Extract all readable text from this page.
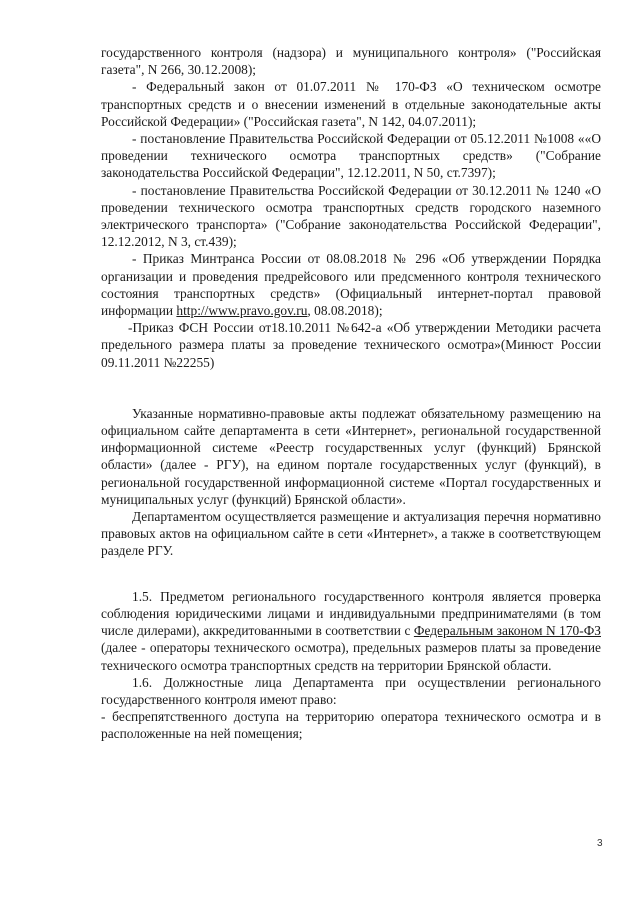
государственного контроля (надзора) и муниципального контроля» ("Российская газета", N 266, 30.12.2008);

- Федеральный закон от 01.07.2011 № 170-ФЗ «О техническом осмотре транспортных средств и о внесении изменений в отдельные законодательные акты Российской Федерации» ("Российская газета", N 142, 04.07.2011);

- постановление Правительства Российской Федерации от 05.12.2011 №1008 ««О проведении технического осмотра транспортных средств» ("Собрание законодательства Российской Федерации", 12.12.2011, N 50, ст.7397);

- постановление Правительства Российской Федерации от 30.12.2011 № 1240 «О проведении технического осмотра транспортных средств городского наземного электрического транспорта» ("Собрание законодательства Российской Федерации", 12.12.2012, N 3, ст.439);

- Приказ Минтранса России от 08.08.2018 № 296 «Об утверждении Порядка организации и проведения предрейсового или предсменного контроля технического состояния транспортных средств» (Официальный интернет-портал правовой информации http://www.pravo.gov.ru, 08.08.2018);

-Приказ ФСН России от18.10.2011 №642-а «Об утверждении Методики расчета предельного размера платы за проведение технического осмотра»(Минюст России 09.11.2011 №22255)

Указанные нормативно-правовые акты подлежат обязательному размещению на официальном сайте департамента в сети «Интернет», региональной государственной информационной системе «Реестр государственных услуг (функций) Брянской области» (далее - РГУ), на едином портале государственных услуг (функций), в региональной государственной информационной системе «Портал государственных и муниципальных услуг (функций) Брянской области».

Департаментом осуществляется размещение и актуализация перечня нормативно правовых актов на официальном сайте в сети «Интернет», а также в соответствующем разделе РГУ.

1.5. Предметом регионального государственного контроля является проверка соблюдения юридическими лицами и индивидуальными предпринимателями (в том числе дилерами), аккредитованными в соответствии с Федеральным законом N 170-ФЗ (далее - операторы технического осмотра), предельных размеров платы за проведение технического осмотра транспортных средств на территории Брянской области.

1.6. Должностные лица Департамента при осуществлении регионального государственного контроля имеют право:

- беспрепятственного доступа на территорию оператора технического осмотра и в расположенные на ней помещения;

3
